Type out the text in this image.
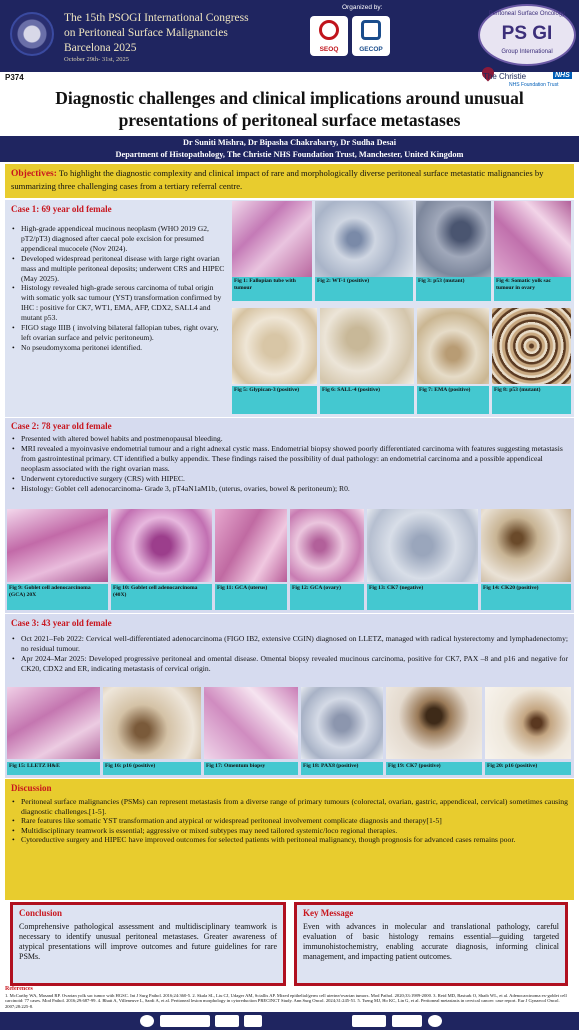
The 15th PSOGI International Congress
on Peritoneal Surface Malignancies
Barcelona 2025
October 29th- 31st, 2025
Organized by:
SEOQ	GECOP
Peritoneal Surface Oncology
PS GI
Group International
P374	The Christie	NHS
NHS Foundation Trust
Diagnostic challenges and clinical implications around unusual
presentations of peritoneal surface metastases
Dr Suniti Mishra, Dr Bipasha Chakrabarty, Dr Sudha Desai
Department of Histopathology, The Christie NHS Foundation Trust, Manchester, United Kingdom
Objectives: To highlight the diagnostic complexity and clinical impact of rare and morphologically diverse peritoneal surface metastatic malignancies by summarizing three challenging cases from a tertiary referral centre.
Case 1: 69 year old female
• High-grade appendiceal mucinous neoplasm (WHO 2019 G2, pT2/pT3) diagnosed after caecal pole excision for presumed appendiceal mucocele (Nov 2024).
• Developed widespread peritoneal disease with large right ovarian mass and multiple peritoneal deposits; underwent CRS and HIPEC (May 2025).
• Histology revealed high-grade serous carcinoma of tubal origin with somatic yolk sac tumour (YST) transformation confirmed by IHC : positive for CK7, WT1, EMA, AFP, CDX2, SALL4 and mutant p53.
• FIGO stage IIIB ( involving bilateral fallopian tubes, right ovary, left ovarian surface and pelvic peritoneum).
• No pseudomyxoma peritonei identified.
Fig 1: Fallopian tube with tumour
Fig 2: WT-1 (positive)	Fig 3: p53 (mutant)	Fig 4: Somatic yolk sac tumour in ovary
Fig 5: Glypican-3 (positive)	Fig 6: SALL-4 (positive)	Fig 7: EMA (positive)	Fig 8: p53 (mutant)
Case 2: 78 year old female
• Presented with altered bowel habits and postmenopausal bleeding.
• MRI revealed a myoinvasive endometrial tumour and a right adnexal cystic mass. Endometrial biopsy showed poorly differentiated carcinoma with features suggesting metastasis from gastrointestinal primary. CT identified a bulky appendix. These findings raised the possibility of dual pathology: an endometrial carcinoma and a possible appendiceal neoplasm associated with the right ovarian mass.
• Underwent cytoreductive surgery (CRS) with HIPEC.
• Histology: Goblet cell adenocarcinoma- Grade 3, pT4aN1aM1b, (uterus, ovaries, bowel & peritoneum); R0.
Fig 9: Goblet cell adenocarcinoma (GCA) 20X
Fig 10: Goblet cell adenocarcinoma (40X)
Fig 11: GCA (uterus)	Fig 12: GCA (ovary)	Fig 13: CK7 (negative)	Fig 14: CK20 (positive)
Case 3: 43 year old female
• Oct 2021–Feb 2022: Cervical well-differentiated adenocarcinoma (FIGO IB2, extensive CGIN) diagnosed on LLETZ, managed with radical hysterectomy and lymphadenectomy; no residual tumour.
• Apr 2024–Mar 2025: Developed progressive peritoneal and omental disease. Omental biopsy revealed mucinous carcinoma, positive for CK7, PAX –8 and p16 and negative for CK20, CDX2 and ER, indicating metastasis of cervical origin.
Fig 15: LLETZ H&E	Fig 16: p16 (positive)	Fig 17: Omentum biopsy	Fig 18: PAX8 (positive)	Fig 19: CK7 (positive)	Fig 20: p16 (positive)
Discussion
• Peritoneal surface malignancies (PSMs) can represent metastasis from a diverse range of primary tumours (colorectal, ovarian, gastric, appendiceal, cervical) sometimes causing diagnostic challenges.[1-5].
• Rare features like somatic YST transformation and atypical or widespread peritoneal involvement complicate diagnosis and therapy[1-5]
• Multidisciplinary teamwork is essential; aggressive or mixed subtypes may need tailored systemic/loco regional therapies.
• Cytoreductive surgery and HIPEC have improved outcomes for selected patients with peritoneal malignancy, though prognosis for advanced cases remains poor.
Conclusion

Comprehensive pathological assessment and multidisciplinary teamwork is necessary to identify unusual peritoneal metastases. Greater awareness of atypical presentations will improve outcomes and future guidelines for rare PSMs.

Key Message

Even with advances in molecular and translational pathology, careful evaluation of basic histology remains essential—guiding targeted immunohistochemistry, enabling accurate diagnosis, informing clinical management, and impacting patient outcomes.

References
1. McCarthy WA, Masand RP. Ovarian yolk sac tumor with HGSC. Int J Surg Pathol. 2016;24:360-5. 2. Skala SL, Liu CJ, Udager AM, Sciallis AP. Mixed epithelial/germ cell uterine/ovarian tumors. Mod Pathol. 2020;33:1989-2000. 3. Reid MD, Basturk O, Shaib WL, et al. Adenocarcinoma ex-goblet cell carcinoid: 77 cases. Mod Pathol. 2016;29:687-99. 4. Bhatt A, Villeneuve L, Sardi A, et al. Peritoneal lesion morphology in cytoreduction PRECINCT Study. Ann Surg Oncol. 2024;31:245-51. 5. Tseng MJ, Ho KC, Lin G, et al. Peritoneal metastasis in cervical cancer: case report. Eur J Gynaecol Oncol. 2007;28:225-8.
